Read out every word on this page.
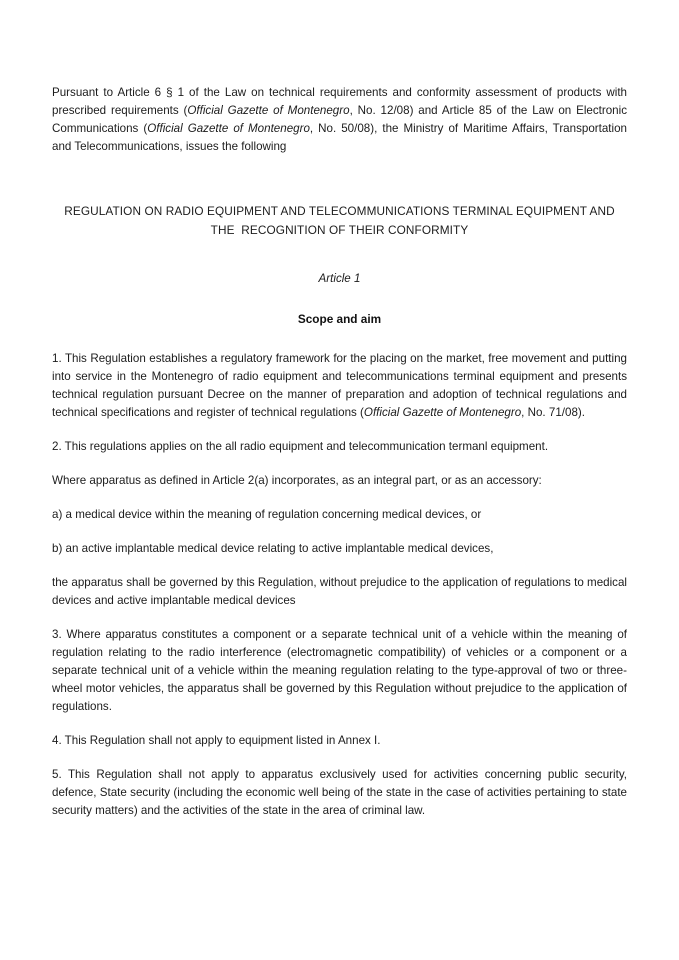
Pursuant to Article 6 § 1 of the Law on technical requirements and conformity assessment of products with prescribed requirements (Official Gazette of Montenegro, No. 12/08) and Article 85 of the Law on Electronic Communications (Official Gazette of Montenegro, No. 50/08), the Ministry of Maritime Affairs, Transportation and Telecommunications, issues the following

REGULATION ON RADIO EQUIPMENT AND TELECOMMUNICATIONS TERMINAL EQUIPMENT AND THE  RECOGNITION OF THEIR CONFORMITY

Article 1

Scope and aim

1. This Regulation establishes a regulatory framework for the placing on the market, free movement and putting into service in the Montenegro of radio equipment and telecommunications terminal equipment and presents technical regulation pursuant Decree on the manner of preparation and adoption of technical regulations and technical specifications and register of technical regulations (Official Gazette of Montenegro, No. 71/08).

2. This regulations applies on the all radio equipment and telecommunication termanl equipment.

Where apparatus as defined in Article 2(a) incorporates, as an integral part, or as an accessory:

a) a medical device within the meaning of regulation concerning medical devices, or

b) an active implantable medical device relating to active implantable medical devices,

the apparatus shall be governed by this Regulation, without prejudice to the application of regulations to medical devices and active implantable medical devices

3. Where apparatus constitutes a component or a separate technical unit of a vehicle within the meaning of regulation relating to the radio interference (electromagnetic compatibility) of vehicles or a component or a separate technical unit of a vehicle within the meaning regulation relating to the type-approval of two or three-wheel motor vehicles, the apparatus shall be governed by this Regulation without prejudice to the application of regulations.

4. This Regulation shall not apply to equipment listed in Annex I.

5. This Regulation shall not apply to apparatus exclusively used for activities concerning public security, defence, State security (including the economic well being of the state in the case of activities pertaining to state security matters) and the activities of the state in the area of criminal law.
